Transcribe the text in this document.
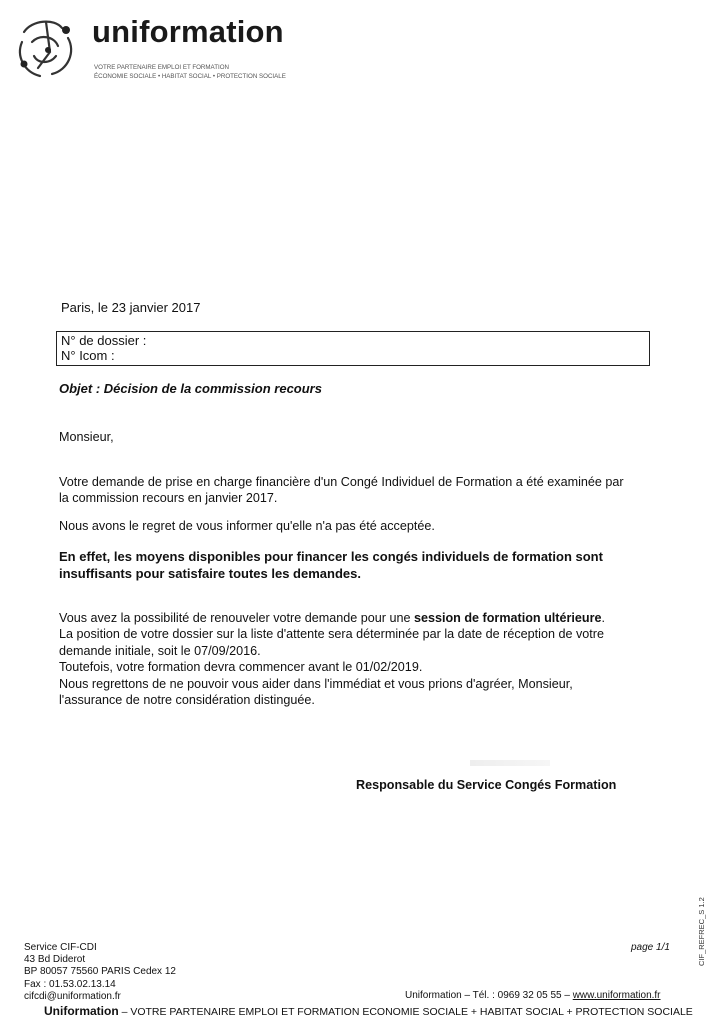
uniformation
VOTRE PARTENAIRE EMPLOI ET FORMATION
ÉCONOMIE SOCIALE • HABITAT SOCIAL • PROTECTION SOCIALE
Paris, le 23 janvier 2017
N° de dossier :
N° Icom :
Objet : Décision de la commission recours
Monsieur,
Votre demande de prise en charge financière d'un Congé Individuel de Formation a été examinée par
la commission recours en janvier 2017.
Nous avons le regret de vous informer qu'elle n'a pas été acceptée.
En effet, les moyens disponibles pour financer les congés individuels de formation sont
insuffisants pour satisfaire toutes les demandes.
Vous avez la possibilité de renouveler votre demande pour une session de formation ultérieure.
La position de votre dossier sur la liste d'attente sera déterminée par la date de réception de votre
demande initiale, soit le 07/09/2016.
Toutefois, votre formation devra commencer avant le 01/02/2019.
Nous regrettons de ne pouvoir vous aider dans l'immédiat et vous prions d'agréer, Monsieur,
l'assurance de notre considération distinguée.
Responsable du Service Congés Formation
Service CIF-CDI
43 Bd Diderot
BP 80057 75560 PARIS Cedex 12
Fax : 01.53.02.13.14
cifcdi@uniformation.fr
page 1/1	CIF_REFREC_S 1.2
Uniformation – Tél. : 0969 32 05 55 – www.uniformation.fr
Uniformation – VOTRE PARTENAIRE EMPLOI ET FORMATION ECONOMIE SOCIALE + HABITAT SOCIAL + PROTECTION SOCIALE
